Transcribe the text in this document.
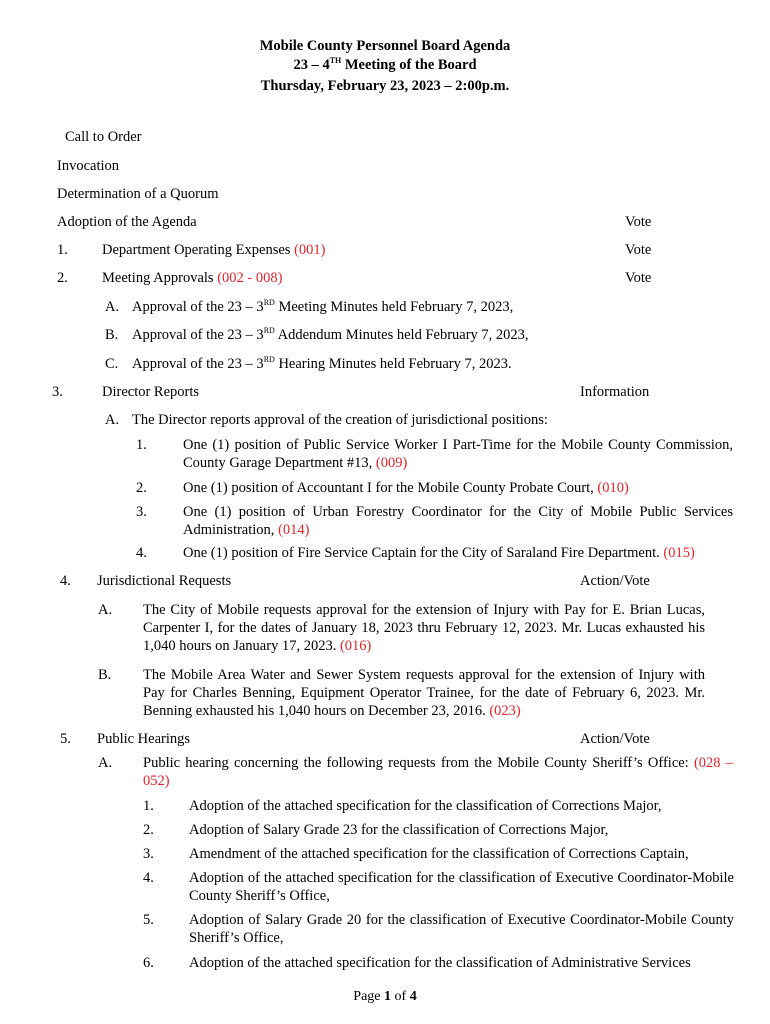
Mobile County Personnel Board Agenda
23 – 4TH Meeting of the Board
Thursday, February 23, 2023 – 2:00p.m.
Call to Order
Invocation
Determination of a Quorum
Adoption of the Agenda	Vote
1. Department Operating Expenses (001)	Vote
2. Meeting Approvals (002 - 008)	Vote
A. Approval of the 23 – 3RD Meeting Minutes held February 7, 2023,
B. Approval of the 23 – 3RD Addendum Minutes held February 7, 2023,
C. Approval of the 23 – 3RD Hearing Minutes held February 7, 2023.
3.	Director Reports	Information
A. The Director reports approval of the creation of jurisdictional positions:
1. One (1) position of Public Service Worker I Part-Time for the Mobile County Commission, County Garage Department #13, (009)
2. One (1) position of Accountant I for the Mobile County Probate Court, (010)
3. One (1) position of Urban Forestry Coordinator for the City of Mobile Public Services Administration, (014)
4. One (1) position of Fire Service Captain for the City of Saraland Fire Department. (015)
4. Jurisdictional Requests	Action/Vote
A. The City of Mobile requests approval for the extension of Injury with Pay for E. Brian Lucas, Carpenter I, for the dates of January 18, 2023 thru February 12, 2023. Mr. Lucas exhausted his 1,040 hours on January 17, 2023. (016)
B. The Mobile Area Water and Sewer System requests approval for the extension of Injury with Pay for Charles Benning, Equipment Operator Trainee, for the date of February 6, 2023. Mr. Benning exhausted his 1,040 hours on December 23, 2016. (023)
5. Public Hearings	Action/Vote
A. Public hearing concerning the following requests from the Mobile County Sheriff’s Office: (028 – 052)
1. Adoption of the attached specification for the classification of Corrections Major,
2. Adoption of Salary Grade 23 for the classification of Corrections Major,
3. Amendment of the attached specification for the classification of Corrections Captain,
4. Adoption of the attached specification for the classification of Executive Coordinator-Mobile County Sheriff’s Office,
5. Adoption of Salary Grade 20 for the classification of Executive Coordinator-Mobile County Sheriff’s Office,
6. Adoption of the attached specification for the classification of Administrative Services
Page 1 of 4
